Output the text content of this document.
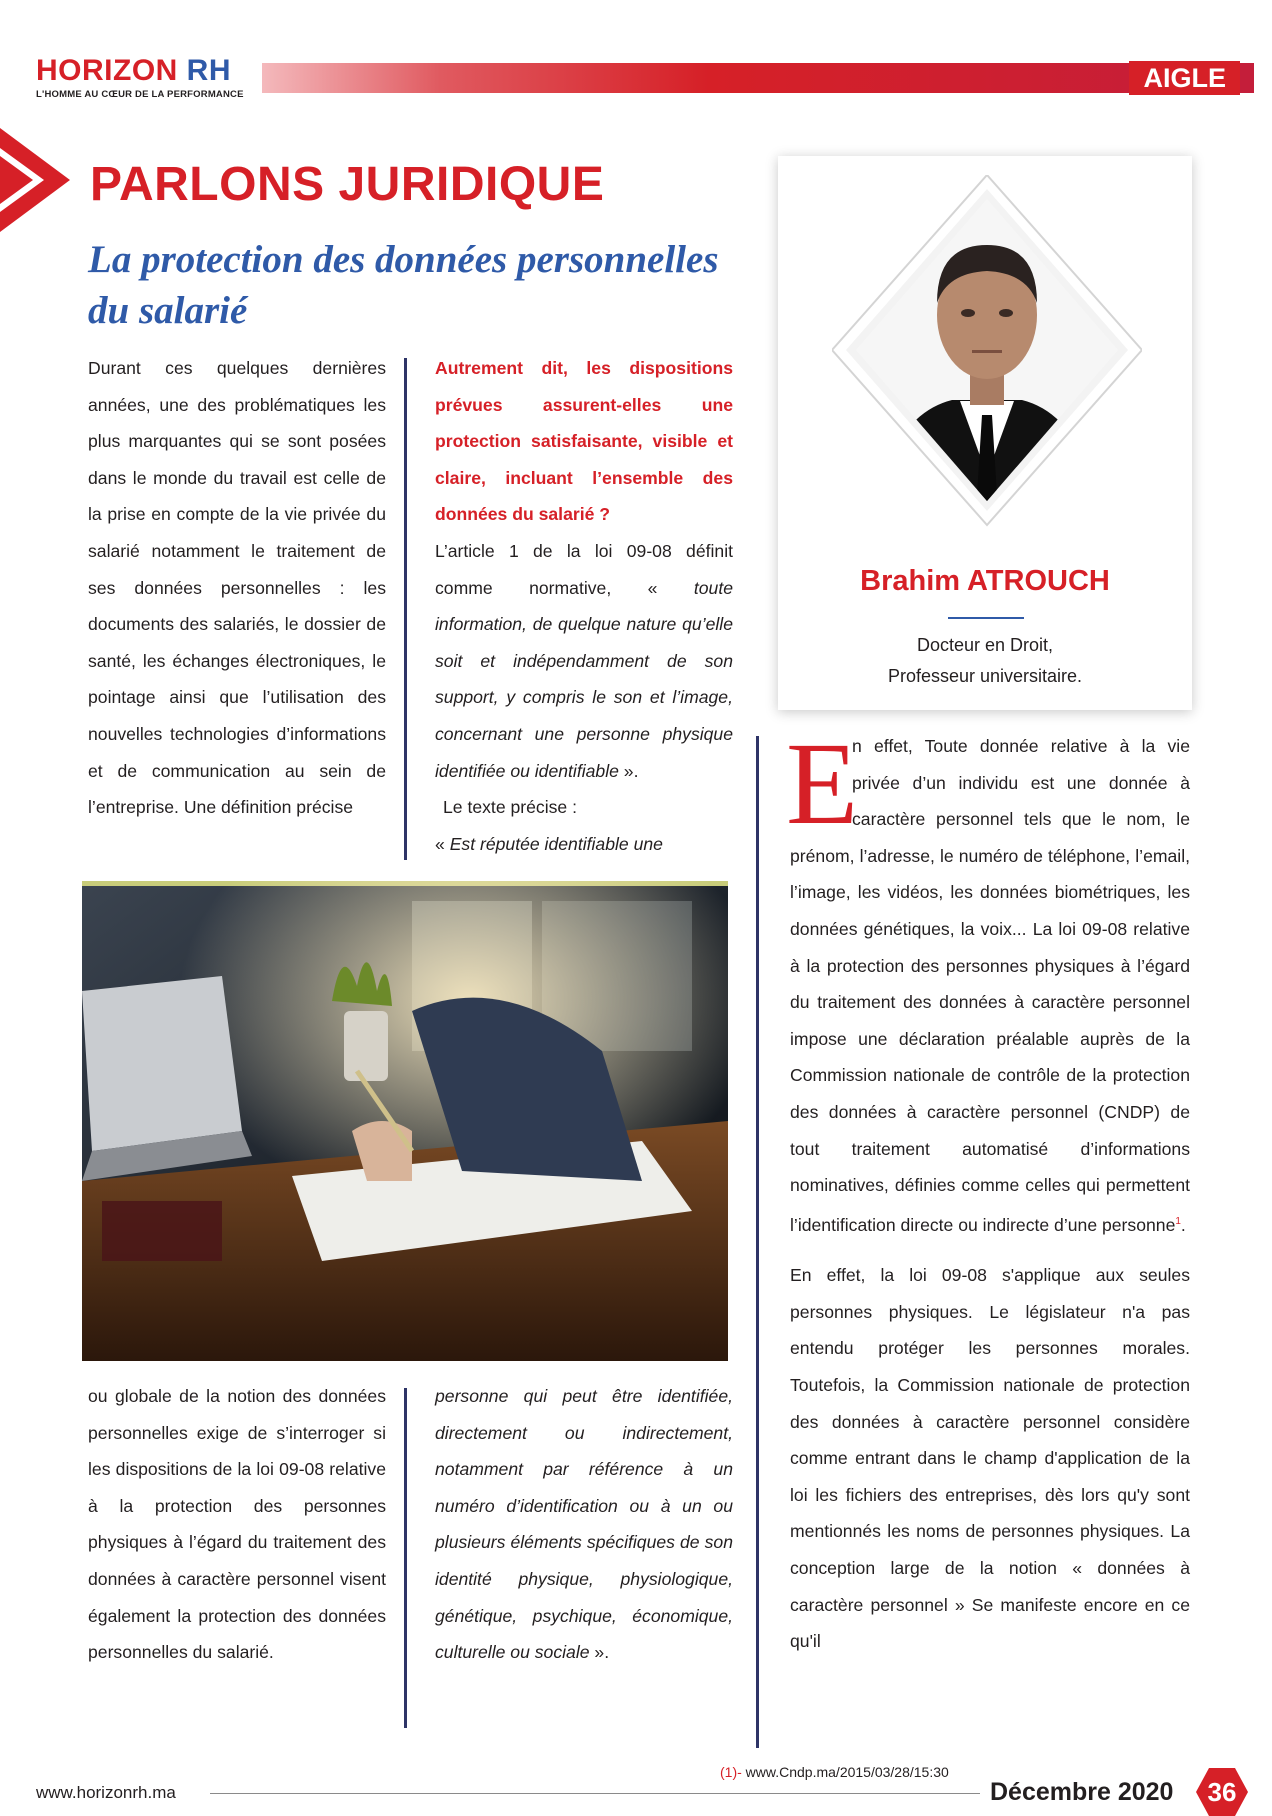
HORIZON RH
L'HOMME AU CŒUR DE LA PERFORMANCE
AIGLE
PARLONS JURIDIQUE
La protection des données personnelles du salarié
Durant ces quelques dernières années, une des problématiques les plus marquantes qui se sont posées dans le monde du travail est celle de la prise en compte de la vie privée du salarié notamment le traitement de ses données personnelles : les documents des salariés, le dossier de santé, les échanges électroniques, le pointage ainsi que l’utilisation des nouvelles technologies d’informations et de communication au sein de l’entreprise. Une définition précise
Autrement dit, les dispositions prévues assurent-elles une protection satisfaisante, visible et claire, incluant l’ensemble des données du salarié ?
L’article 1 de la loi 09-08 définit comme normative, « toute information, de quelque nature qu’elle soit et indépendamment de son support, y compris le son et l’image, concernant une personne physique identifiée ou identifiable ».
Le texte précise :
« Est réputée identifiable une
Brahim ATROUCH
Docteur en Droit,
Professeur universitaire.
ou globale de la notion des données personnelles exige de s’interroger si les dispositions de la loi 09-08 relative à la protection des personnes physiques à l’égard du traitement des données à caractère personnel visent également la protection des données personnelles du salarié.
personne qui peut être identifiée, directement ou indirectement, notamment par référence à un numéro d’identification ou à un ou plusieurs éléments spécifiques de son identité physique, physiologique, génétique, psychique, économique, culturelle ou sociale ».
E

n effet, Toute donnée relative à la vie privée d’un individu est une donnée à caractère personnel tels que le nom, le prénom, l’adresse, le numéro de téléphone, l’email, l’image, les vidéos, les données biométriques, les données génétiques, la voix... La loi 09-08 relative à la protection des personnes physiques à l’égard du traitement des données à caractère personnel impose une déclaration préalable auprès de la Commission nationale de contrôle de la protection des données à caractère personnel (CNDP) de tout traitement automatisé d’informations nominatives, définies comme celles qui permettent l’identification directe ou indirecte d’une personne$^1$.

En effet, la loi 09-08 s'applique aux seules personnes physiques. Le législateur n'a pas entendu protéger les personnes morales. Toutefois, la Commission nationale de protection des données à caractère personnel considère comme entrant dans le champ d'application de la loi les fichiers des entreprises, dès lors qu'y sont mentionnés les noms de personnes physiques. La conception large de la notion « données à caractère personnel » Se manifeste encore en ce qu'il

(1)- www.Cndp.ma/2015/03/28/15:30
www.horizonrh.ma	Décembre 2020	36
